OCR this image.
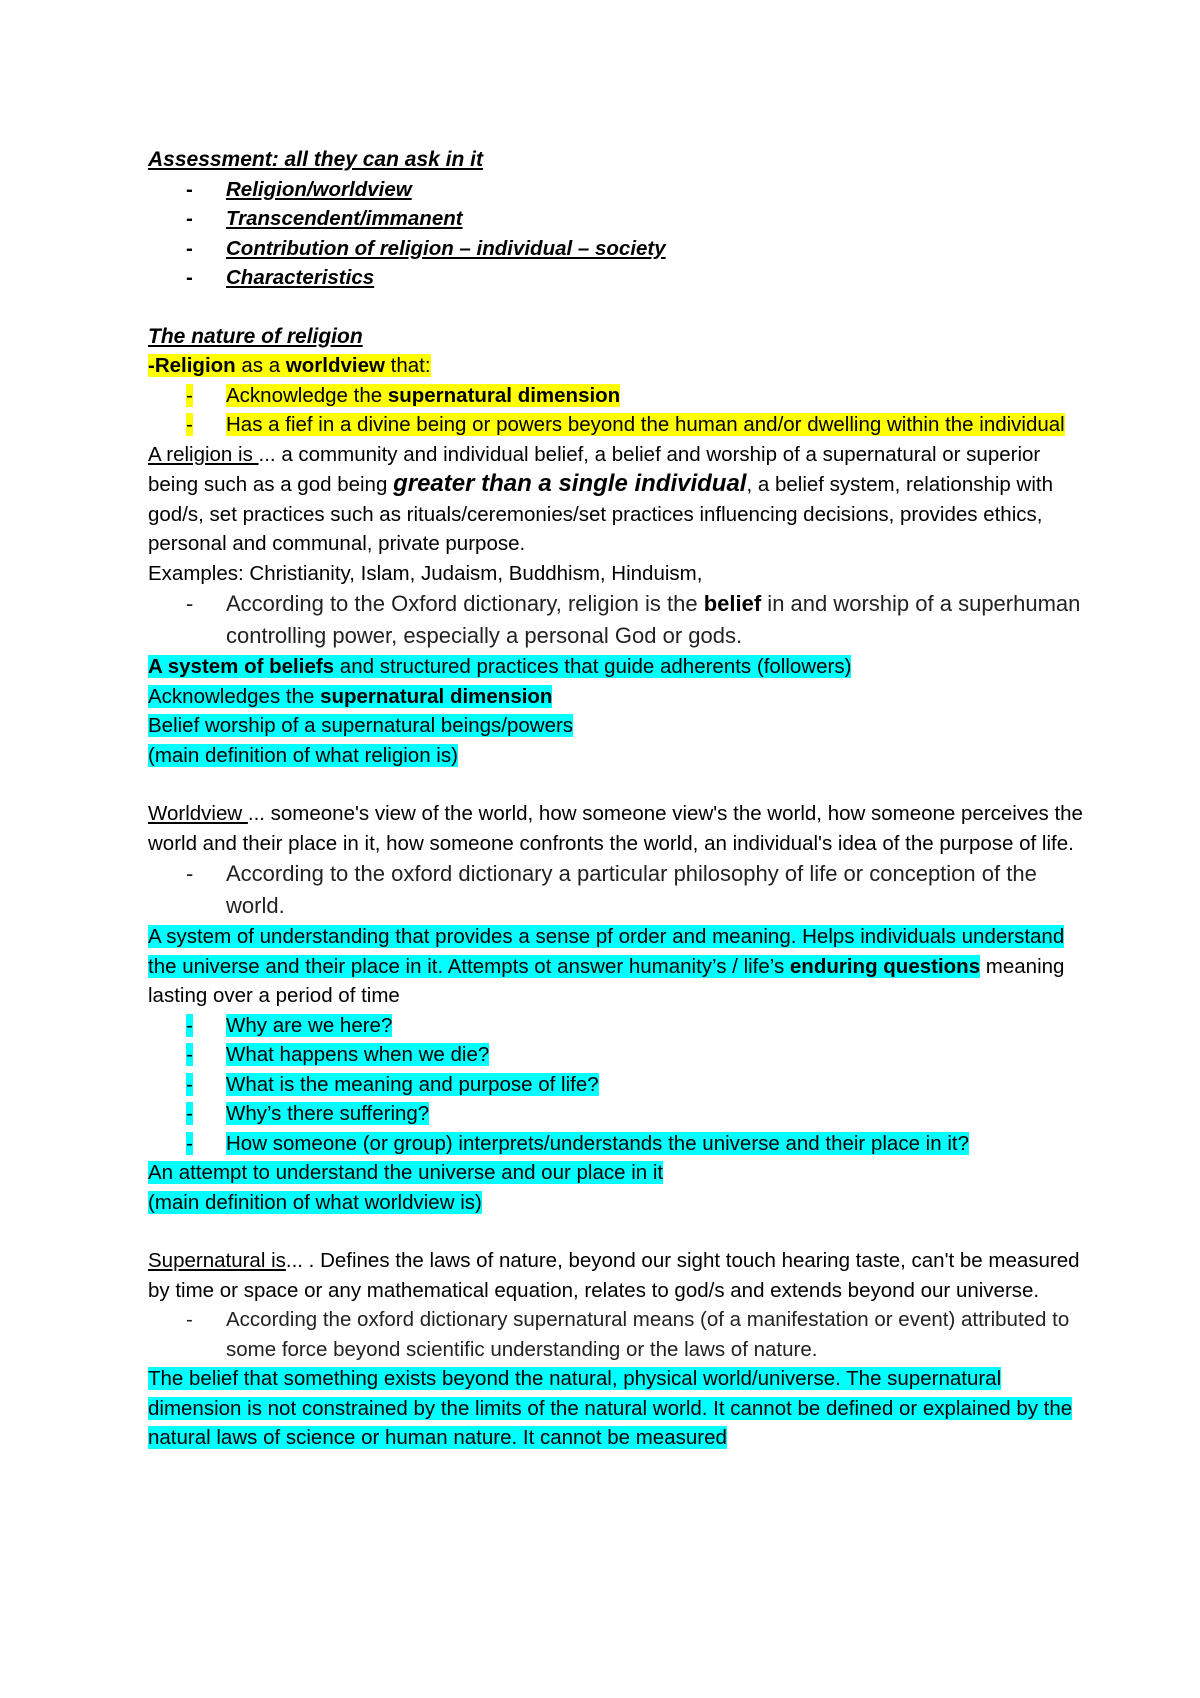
Assessment: all they can ask in it

-	Religion/worldview
-	Transcendent/immanent
-	Contribution of religion – individual – society
-	Characteristics

The nature of religion

-Religion as a worldview that:

-	Acknowledge the supernatural dimension
-	Has a fief in a divine being or powers beyond the human and/or dwelling within the individual

A religion is ... a community and individual belief, a belief and worship of a supernatural or superior being such as a god being greater than a single individual, a belief system, relationship with god/s, set practices such as rituals/ceremonies/set practices influencing decisions, provides ethics, personal and communal, private purpose.

Examples: Christianity, Islam, Judaism, Buddhism, Hinduism,

-	According to the Oxford dictionary, religion is the belief in and worship of a superhuman controlling power, especially a personal God or gods.

A system of beliefs and structured practices that guide adherents (followers)

Acknowledges the supernatural dimension

Belief worship of a supernatural beings/powers

(main definition of what religion is)

Worldview ... someone's view of the world, how someone view's the world, how someone perceives the world and their place in it, how someone confronts the world, an individual's idea of the purpose of life.

-	According to the oxford dictionary a particular philosophy of life or conception of the world.

A system of understanding that provides a sense pf order and meaning. Helps individuals understand the universe and their place in it. Attempts ot answer humanity’s / life’s enduring questions meaning lasting over a period of time

-	Why are we here?
-	What happens when we die?
-	What is the meaning and purpose of life?
-	Why’s there suffering?
-	How someone (or group) interprets/understands the universe and their place in it?

An attempt to understand the universe and our place in it

(main definition of what worldview is)

Supernatural is... . Defines the laws of nature, beyond our sight touch hearing taste, can't be measured by time or space or any mathematical equation, relates to god/s and extends beyond our universe.

-	According the oxford dictionary supernatural means (of a manifestation or event) attributed to some force beyond scientific understanding or the laws of nature.

The belief that something exists beyond the natural, physical world/universe. The supernatural dimension is not constrained by the limits of the natural world. It cannot be defined or explained by the natural laws of science or human nature. It cannot be measured
